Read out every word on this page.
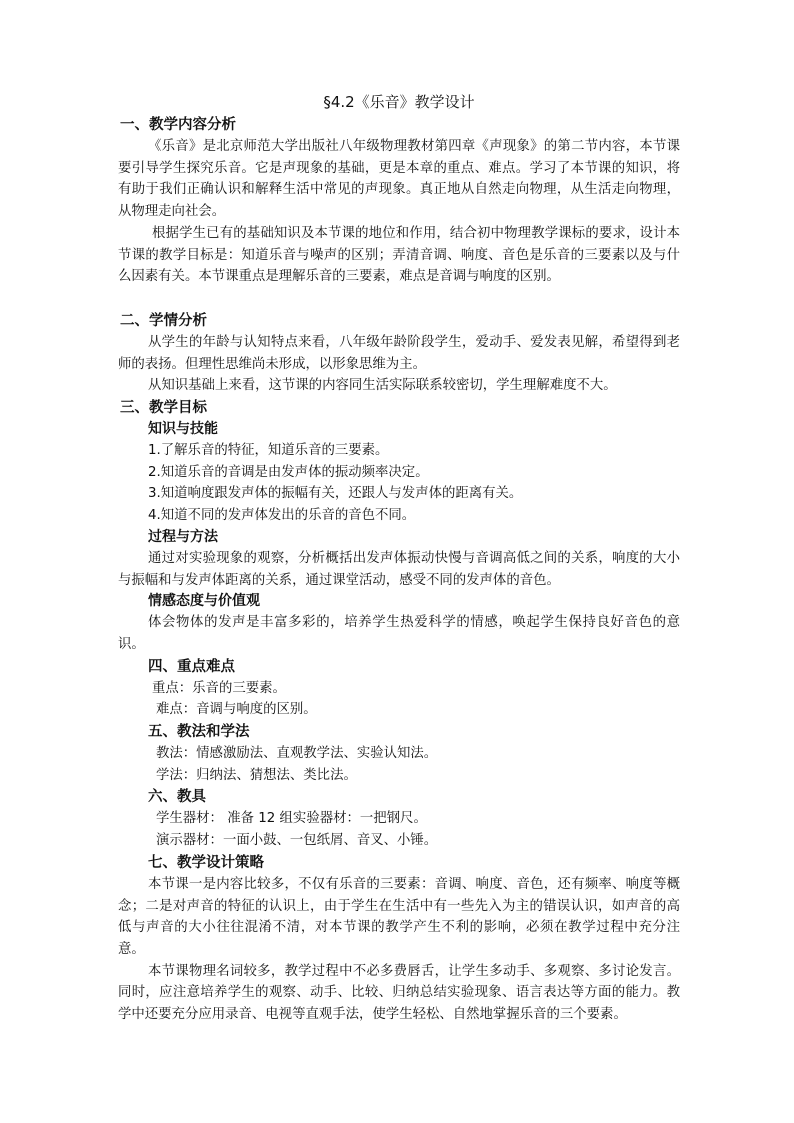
§4.2《乐音》教学设计
一、教学内容分析

《乐音》是北京师范大学出版社八年级物理教材第四章《声现象》的第二节内容，本节课要引导学生探究乐音。它是声现象的基础，更是本章的重点、难点。学习了本节课的知识，将有助于我们正确认识和解释生活中常见的声现象。真正地从自然走向物理，从生活走向物理，从物理走向社会。

根据学生已有的基础知识及本节课的地位和作用，结合初中物理教学课标的要求，设计本节课的教学目标是：知道乐音与噪声的区别；弄清音调、响度、音色是乐音的三要素以及与什么因素有关。本节课重点是理解乐音的三要素，难点是音调与响度的区别。

二、学情分析

从学生的年龄与认知特点来看，八年级年龄阶段学生，爱动手、爱发表见解，希望得到老师的表扬。但理性思维尚未形成，以形象思维为主。

从知识基础上来看，这节课的内容同生活实际联系较密切，学生理解难度不大。

三、教学目标
知识与技能

1.了解乐音的特征，知道乐音的三要素。

2.知道乐音的音调是由发声体的振动频率决定。

3.知道响度跟发声体的振幅有关，还跟人与发声体的距离有关。

4.知道不同的发声体发出的乐音的音色不同。

过程与方法

通过对实验现象的观察，分析概括出发声体振动快慢与音调高低之间的关系，响度的大小与振幅和与发声体距离的关系，通过课堂活动，感受不同的发声体的音色。

情感态度与价值观

体会物体的发声是丰富多彩的，培养学生热爱科学的情感，唤起学生保持良好音色的意识。

四、重点难点

重点：乐音的三要素。

难点：音调与响度的区别。

五、教法和学法

教法：情感激励法、直观教学法、实验认知法。

学法：归纳法、猜想法、类比法。

六、教具

学生器材： 准备 12 组实验器材：一把钢尺。

演示器材：一面小鼓、一包纸屑、音叉、小锤。

七、教学设计策略

本节课一是内容比较多，不仅有乐音的三要素：音调、响度、音色，还有频率、响度等概念；二是对声音的特征的认识上，由于学生在生活中有一些先入为主的错误认识，如声音的高低与声音的大小往往混淆不清，对本节课的教学产生不利的影响，必须在教学过程中充分注意。

本节课物理名词较多，教学过程中不必多费唇舌，让学生多动手、多观察、多讨论发言。同时，应注意培养学生的观察、动手、比较、归纳总结实验现象、语言表达等方面的能力。教学中还要充分应用录音、电视等直观手法，使学生轻松、自然地掌握乐音的三个要素。
